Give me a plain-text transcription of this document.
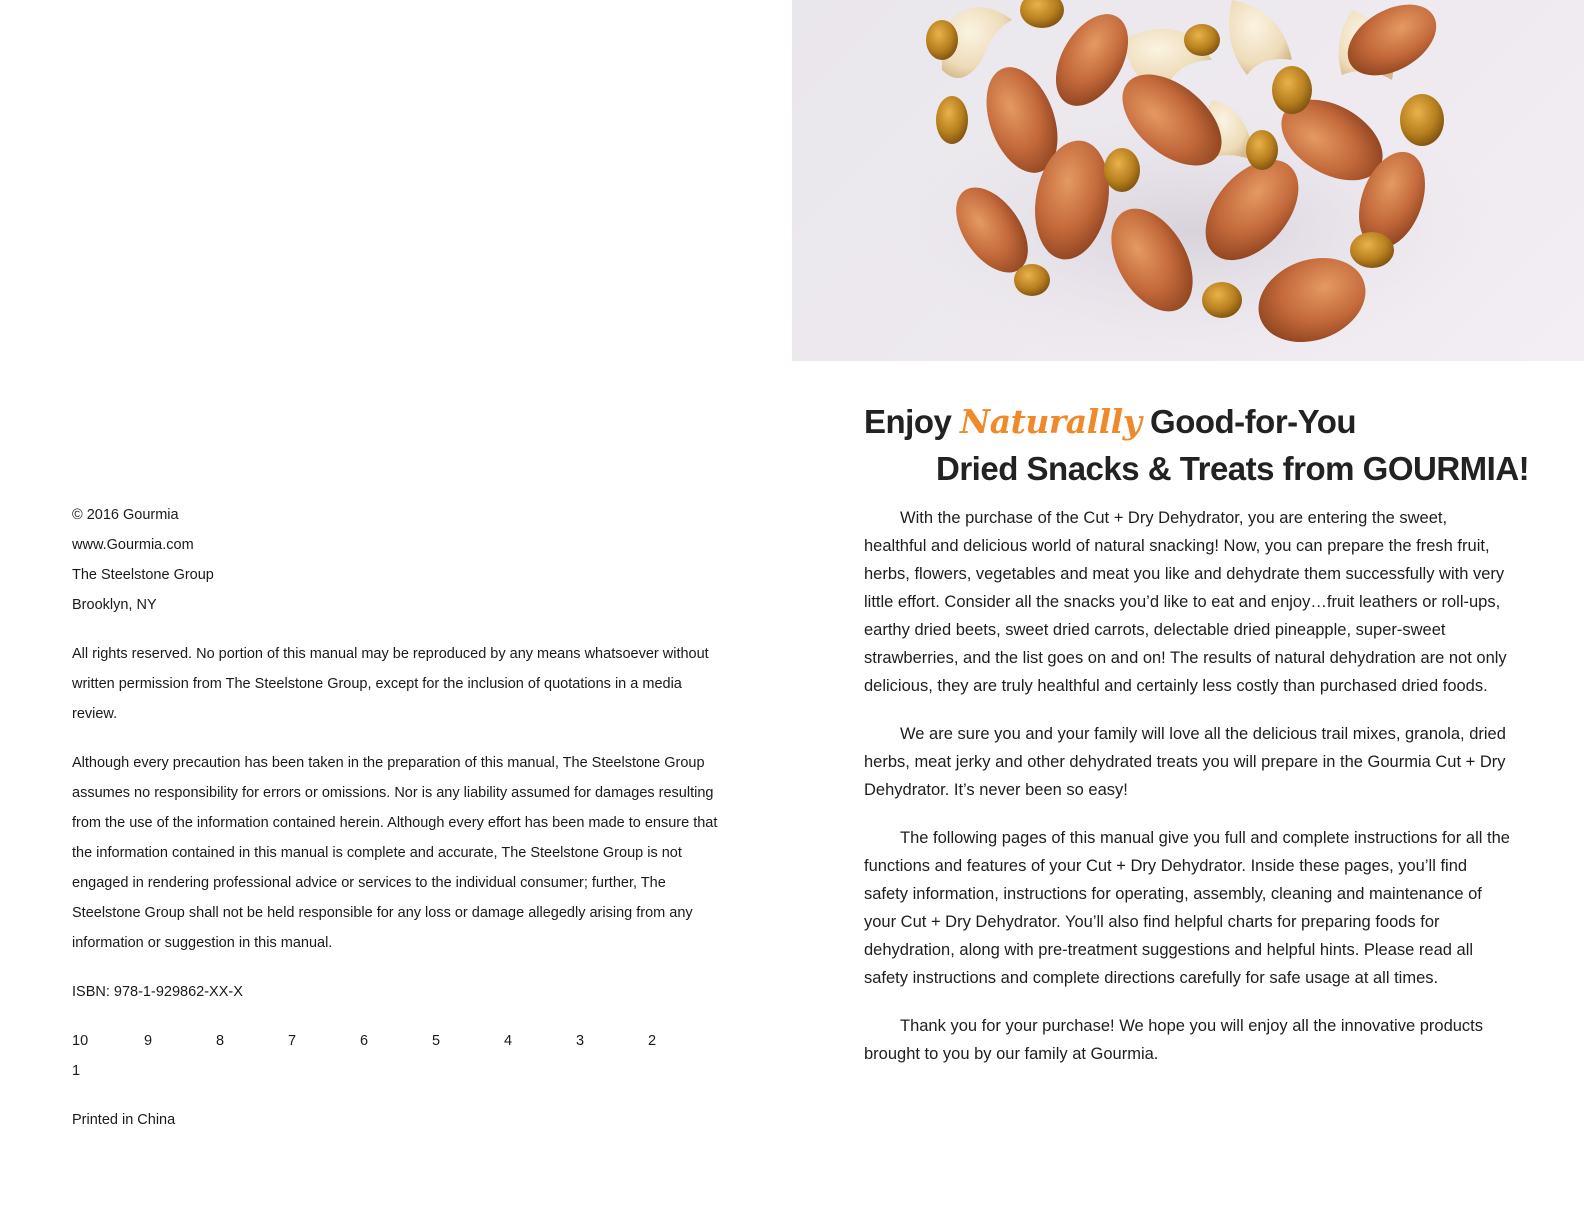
© 2016 Gourmia

www.Gourmia.com

The Steelstone Group

Brooklyn, NY

All rights reserved. No portion of this manual may be reproduced by any means whatsoever without written permission from The Steelstone Group, except for the inclusion of quotations in a media review.

Although every precaution has been taken in the preparation of this manual, The Steelstone Group assumes no responsibility for errors or omissions. Nor is any liability assumed for damages resulting from the use of the information contained herein. Although every effort has been made to ensure that the information contained in this manual is complete and accurate, The Steelstone Group is not engaged in rendering professional advice or services to the individual consumer; further, The Steelstone Group shall not be held responsible for any loss or damage allegedly arising from any information or suggestion in this manual.

ISBN: 978-1-929862-XX-X

10	9	8	7	6	5	4	3	2
1

Printed in China

Enjoy Naturallly Good-for-You
Dried Snacks & Treats from GOURMIA!

With the purchase of the Cut + Dry Dehydrator, you are entering the sweet, healthful and delicious world of natural snacking! Now, you can prepare the fresh fruit, herbs, flowers, vegetables and meat you like and dehydrate them successfully with very little effort. Consider all the snacks you’d like to eat and enjoy…fruit leathers or roll-ups, earthy dried beets, sweet dried carrots, delectable dried pineapple, super-sweet strawberries, and the list goes on and on! The results of natural dehydration are not only delicious, they are truly healthful and certainly less costly than purchased dried foods.

We are sure you and your family will love all the delicious trail mixes, granola, dried herbs, meat jerky and other dehydrated treats you will prepare in the Gourmia Cut + Dry Dehydrator. It’s never been so easy!

The following pages of this manual give you full and complete instructions for all the functions and features of your Cut + Dry Dehydrator. Inside these pages, you’ll find safety information, instructions for operating, assembly, cleaning and maintenance of your Cut + Dry Dehydrator. You’ll also find helpful charts for preparing foods for dehydration, along with pre-treatment suggestions and helpful hints. Please read all safety instructions and complete directions carefully for safe usage at all times.

Thank you for your purchase! We hope you will enjoy all the innovative products brought to you by our family at Gourmia.
